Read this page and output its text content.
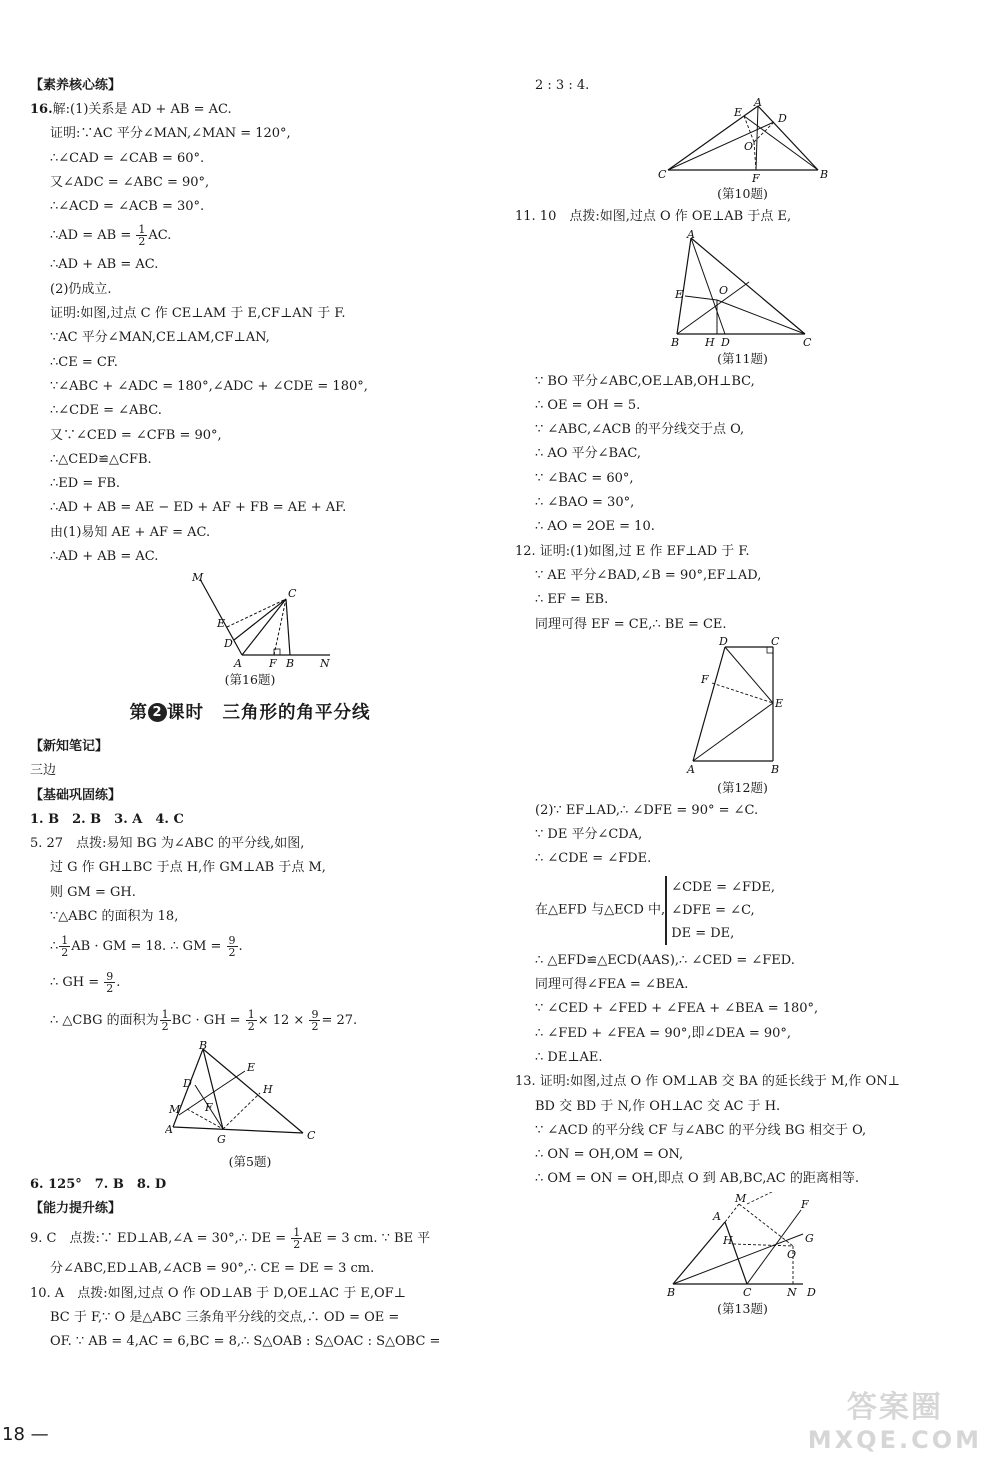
【素养核心练】
16.解:(1)关系是 AD + AB = AC.
证明:∵AC 平分∠MAN,∠MAN = 120°,
∴∠CAD = ∠CAB = 60°.
又∠ADC = ∠ABC = 90°,
∴∠ACD = ∠ACB = 30°.
∴AD = AB = $\frac{1}{2}$ AC.
∴AD + AB = AC.
(2)仍成立.
证明:如图,过点 C 作 CE⊥AM 于 E,CF⊥AN 于 F.
∵AC 平分∠MAN,CE⊥AM,CF⊥AN,
∴CE = CF.
∵∠ABC + ∠ADC = 180°,∠ADC + ∠CDE = 180°,
∴∠CDE = ∠ABC.
又∵∠CED = ∠CFB = 90°,
∴△CED≌△CFB.
∴ED = FB.
∴AD + AB = AE − ED + AF + FB = AE + AF.
由(1)易知 AE + AF = AC.
∴AD + AB = AC.
M
C
E
D
A F B N
(第16题)
第 2 课时　三角形的角平分线
【新知笔记】
三边
【基础巩固练】
1. B　2. B　3. A　4. C
5. 27　点拨:易知 BG 为∠ABC 的平分线,如图,
过 G 作 GH⊥BC 于点 H,作 GM⊥AB 于点 M,
则 GM = GH.
∵△ABC 的面积为 18,
∴ $\frac{1}{2}$ AB · GM = 18. ∴ GM = $\frac{9}{2}$ .
∴ GH = $\frac{9}{2}$ .
∴ △CBG 的面积为 $\frac{1}{2}$ BC · GH = $\frac{1}{2} \times 12 \times \frac{9}{2} = 27$.
B
D
E
H
M F
A
G	C
(第5题)
6. 125°　7. B　8. D
【能力提升练】
9. C　点拨:∵ ED⊥AB,∠A = 30°,∴ DE = $\frac{1}{2}$ AE = 3 cm. ∵ BE 平
分∠ABC,ED⊥AB,∠ACB = 90°,∴ CE = DE = 3 cm.
10. A　点拨:如图,过点 O 作 OD⊥AB 于 D,OE⊥AC 于 E,OF⊥
BC 于 F,∵ O 是△ABC 三条角平分线的交点,∴ OD = OE =
OF. ∵ AB = 4,AC = 6,BC = 8,∴ S△OAB : S△OAC : S△OBC =
2 : 3 : 4.
A
E	D
O
C	F	B
(第10题)
11. 10　点拨:如图,过点 O 作 OE⊥AB 于点 E,
A
E	O
B H D	C
(第11题)
∵ BO 平分∠ABC,OE⊥AB,OH⊥BC,
∴ OE = OH = 5.
∵ ∠ABC,∠ACB 的平分线交于点 O,
∴ AO 平分∠BAC,
∵ ∠BAC = 60°,
∴ ∠BAO = 30°,
∴ AO = 2OE = 10.
12. 证明:(1)如图,过 E 作 EF⊥AD 于 F.
∵ AE 平分∠BAD,∠B = 90°,EF⊥AD,
∴ EF = EB.
同理可得 EF = CE,∴ BE = CE.
D	C
F
E
A	B
(第12题)
(2)∵ EF⊥AD,∴ ∠DFE = 90° = ∠C.
∵ DE 平分∠CDA,
∴ ∠CDE = ∠FDE.
在△EFD 与△ECD 中,
∠CDE = ∠FDE,
∠DFE = ∠C,
DE = DE,
∴ △EFD≌△ECD(AAS),∴ ∠CED = ∠FED.
同理可得∠FEA = ∠BEA.
∵ ∠CED + ∠FED + ∠FEA + ∠BEA = 180°,
∴ ∠FED + ∠FEA = 90°,即∠DEA = 90°,
∴ DE⊥AE.
13. 证明:如图,过点 O 作 OM⊥AB 交 BA 的延长线于 M,作 ON⊥
BD 交 BD 于 N,作 OH⊥AC 交 AC 于 H.
∵ ∠ACD 的平分线 CF 与∠ABC 的平分线 BG 相交于 O,
∴ ON = OH,OM = ON,
∴ OM = ON = OH,即点 O 到 AB,BC,AC 的距离相等.
M
A
F
H
O
G
B	C	N D
(第13题)
18 —
答案圈
MXQE.COM
